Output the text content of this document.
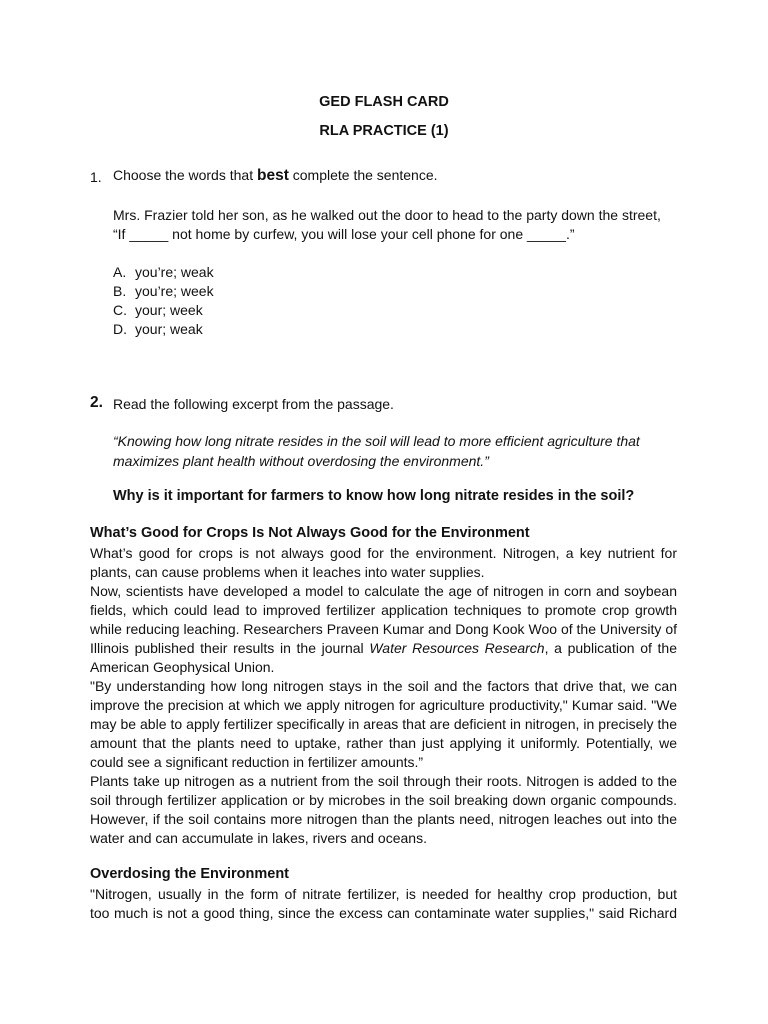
GED FLASH CARD
RLA PRACTICE (1)
1. Choose the words that best complete the sentence.
Mrs. Frazier told her son, as he walked out the door to head to the party down the street,
“If _____ not home by curfew, you will lose your cell phone for one _____.”
A. you’re; weak
B. you’re; week
C. your; week
D. your; weak
2. Read the following excerpt from the passage.
“Knowing how long nitrate resides in the soil will lead to more efficient agriculture that
maximizes plant health without overdosing the environment.”
Why is it important for farmers to know how long nitrate resides in the soil?
What’s Good for Crops Is Not Always Good for the Environment
What’s good for crops is not always good for the environment. Nitrogen, a key nutrient for
plants, can cause problems when it leaches into water supplies.
Now, scientists have developed a model to calculate the age of nitrogen in corn and soybean
fields, which could lead to improved fertilizer application techniques to promote crop growth
while reducing leaching. Researchers Praveen Kumar and Dong Kook Woo of the University of
Illinois published their results in the journal Water Resources Research, a publication of the
American Geophysical Union.
"By understanding how long nitrogen stays in the soil and the factors that drive that, we can
improve the precision at which we apply nitrogen for agriculture productivity," Kumar said. "We
may be able to apply fertilizer specifically in areas that are deficient in nitrogen, in precisely the
amount that the plants need to uptake, rather than just applying it uniformly. Potentially, we
could see a significant reduction in fertilizer amounts.”
Plants take up nitrogen as a nutrient from the soil through their roots. Nitrogen is added to the
soil through fertilizer application or by microbes in the soil breaking down organic compounds.
However, if the soil contains more nitrogen than the plants need, nitrogen leaches out into the
water and can accumulate in lakes, rivers and oceans.
Overdosing the Environment
"Nitrogen, usually in the form of nitrate fertilizer, is needed for healthy crop production, but
too much is not a good thing, since the excess can contaminate water supplies," said Richard
